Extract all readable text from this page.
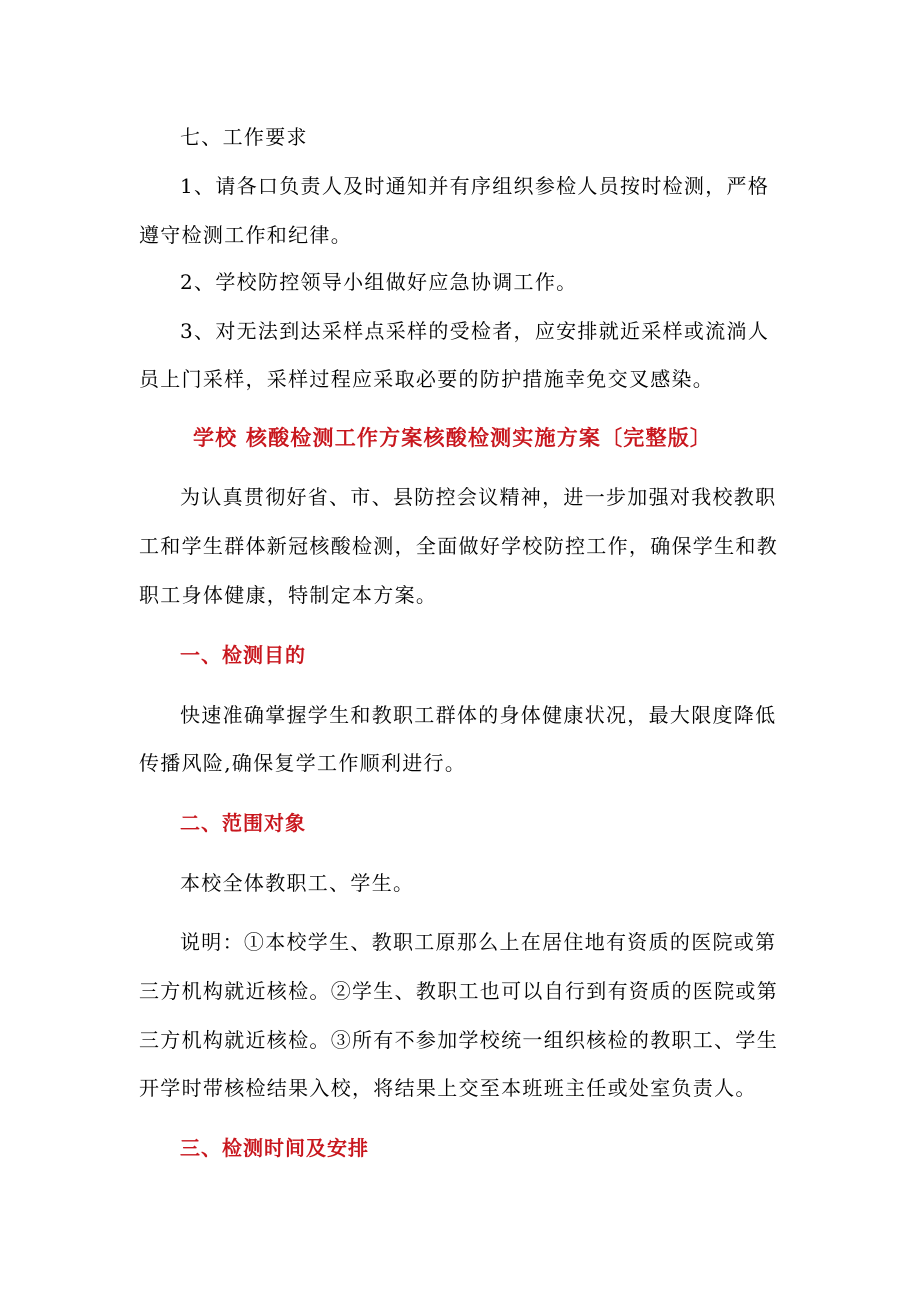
七、工作要求
1、请各口负责人及时通知并有序组织参检人员按时检测，严格
遵守检测工作和纪律。
2、学校防控领导小组做好应急协调工作。
3、对无法到达采样点采样的受检者，应安排就近采样或流淌人
员上门采样，采样过程应采取必要的防护措施幸免交叉感染。
学校 核酸检测工作方案核酸检测实施方案〔完整版〕
为认真贯彻好省、市、县防控会议精神，进一步加强对我校教职
工和学生群体新冠核酸检测，全面做好学校防控工作，确保学生和教
职工身体健康，特制定本方案。
一、检测目的
快速准确掌握学生和教职工群体的身体健康状况，最大限度降低
传播风险,确保复学工作顺利进行。
二、范围对象
本校全体教职工、学生。
说明：①本校学生、教职工原那么上在居住地有资质的医院或第
三方机构就近核检。②学生、教职工也可以自行到有资质的医院或第
三方机构就近核检。③所有不参加学校统一组织核检的教职工、学生
开学时带核检结果入校，将结果上交至本班班主任或处室负责人。
三、检测时间及安排
